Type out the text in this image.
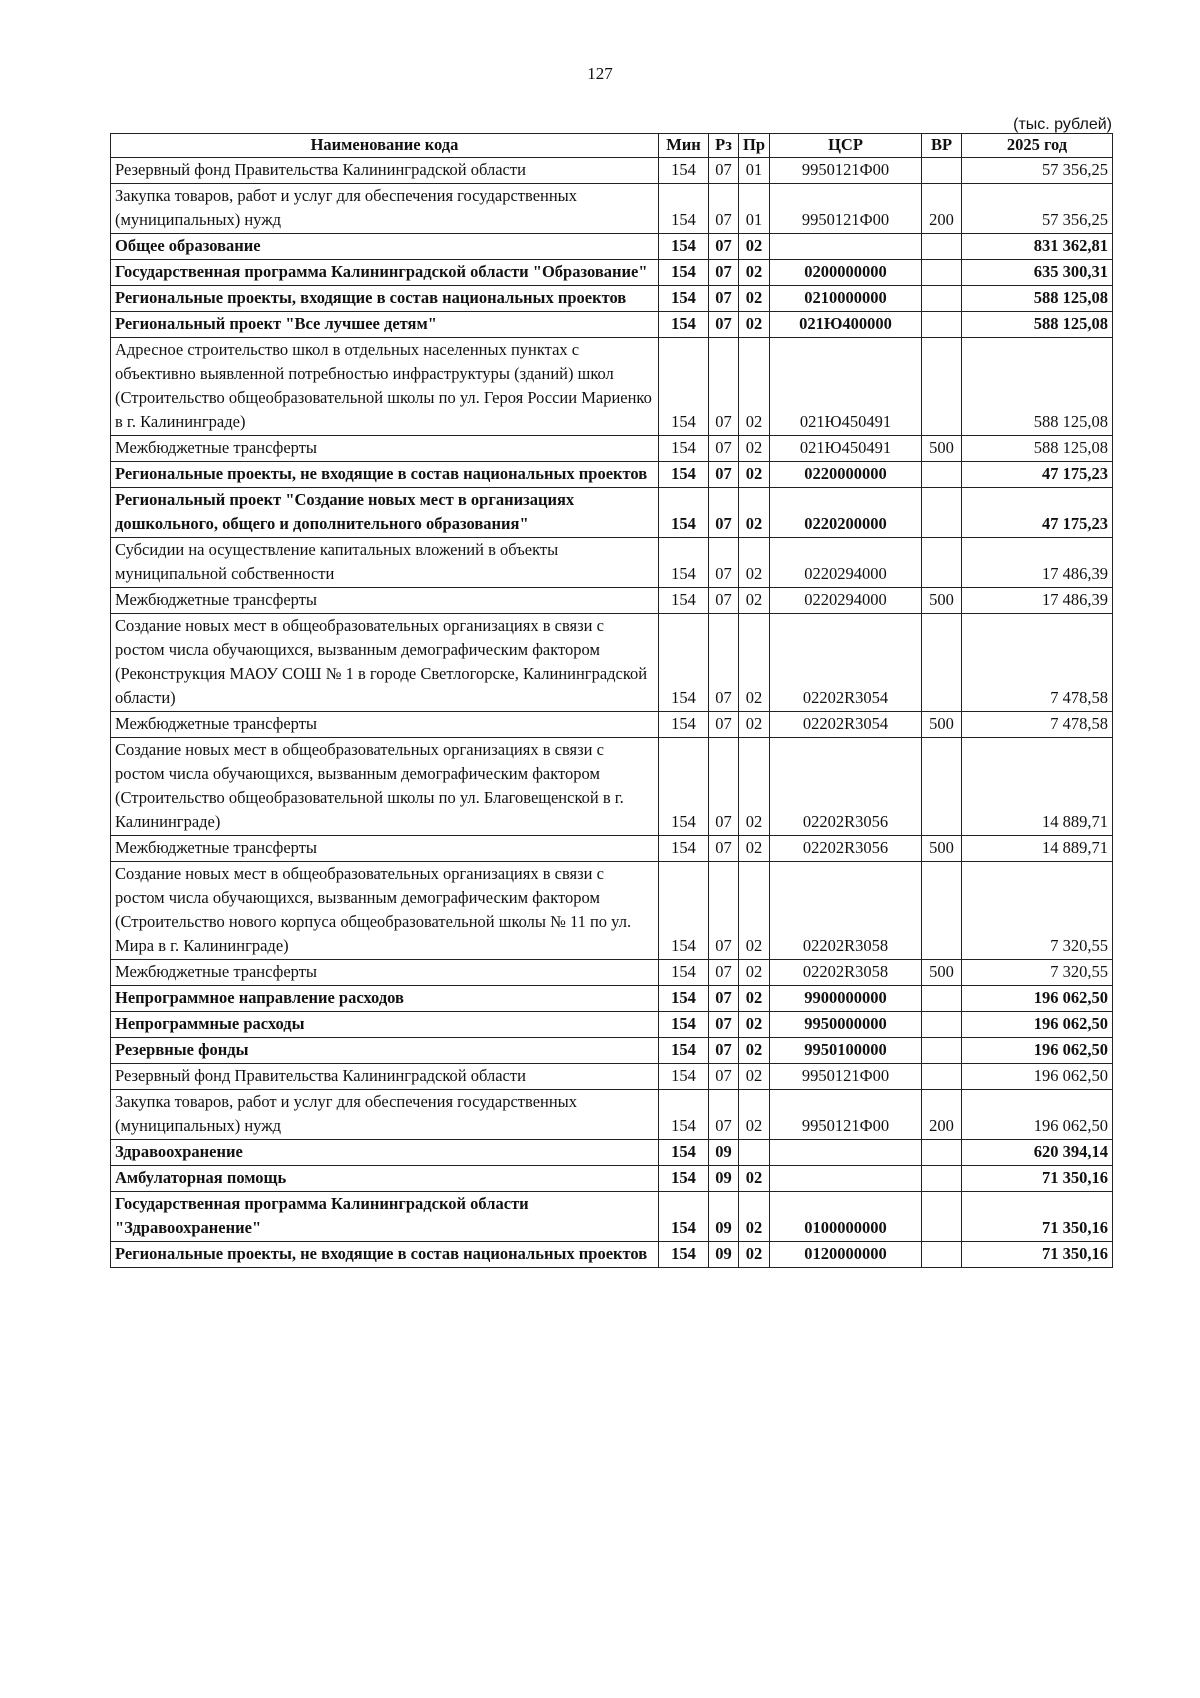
127
(тыс. рублей)
Наименование кода	Мин	Рз	Пр	ЦСР	ВР	2025 год
Резервный фонд Правительства Калининградской области	154	07	01	9950121Ф00		57 356,25
Закупка товаров, работ и услуг для обеспечения государственных (муниципальных) нужд	154	07	01	9950121Ф00	200	57 356,25
Общее образование	154	07	02			831 362,81
Государственная программа Калининградской области "Образование"	154	07	02	0200000000		635 300,31
Региональные проекты, входящие в состав национальных проектов	154	07	02	0210000000		588 125,08
Региональный проект "Все лучшее детям"	154	07	02	021Ю400000		588 125,08
Адресное строительство школ в отдельных населенных пунктах с объективно выявленной потребностью инфраструктуры (зданий) школ (Строительство общеобразовательной школы по ул. Героя России Мариенко в г. Калининграде)	154	07	02	021Ю450491		588 125,08
Межбюджетные трансферты	154	07	02	021Ю450491	500	588 125,08
Региональные проекты, не входящие в состав национальных проектов	154	07	02	0220000000		47 175,23
Региональный проект "Создание новых мест в организациях дошкольного, общего и дополнительного образования"	154	07	02	0220200000		47 175,23
Субсидии на осуществление капитальных вложений в объекты муниципальной собственности	154	07	02	0220294000		17 486,39
Межбюджетные трансферты	154	07	02	0220294000	500	17 486,39
Создание новых мест в общеобразовательных организациях в связи с ростом числа обучающихся, вызванным демографическим фактором (Реконструкция МАОУ СОШ № 1 в городе Светлогорске, Калининградской области)	154	07	02	02202R3054		7 478,58
Межбюджетные трансферты	154	07	02	02202R3054	500	7 478,58
Создание новых мест в общеобразовательных организациях в связи с ростом числа обучающихся, вызванным демографическим фактором (Строительство общеобразовательной школы по ул. Благовещенской в г. Калининграде)	154	07	02	02202R3056		14 889,71
Межбюджетные трансферты	154	07	02	02202R3056	500	14 889,71
Создание новых мест в общеобразовательных организациях в связи с ростом числа обучающихся, вызванным демографическим фактором (Строительство нового корпуса общеобразовательной школы № 11 по ул. Мира в г. Калининграде)	154	07	02	02202R3058		7 320,55
Межбюджетные трансферты	154	07	02	02202R3058	500	7 320,55
Непрограммное направление расходов	154	07	02	9900000000		196 062,50
Непрограммные расходы	154	07	02	9950000000		196 062,50
Резервные фонды	154	07	02	9950100000		196 062,50
Резервный фонд Правительства Калининградской области	154	07	02	9950121Ф00		196 062,50
Закупка товаров, работ и услуг для обеспечения государственных (муниципальных) нужд	154	07	02	9950121Ф00	200	196 062,50
Здравоохранение	154	09				620 394,14
Амбулаторная помощь	154	09	02			71 350,16
Государственная программа Калининградской области "Здравоохранение"	154	09	02	0100000000		71 350,16
Региональные проекты, не входящие в состав национальных проектов	154	09	02	0120000000		71 350,16
